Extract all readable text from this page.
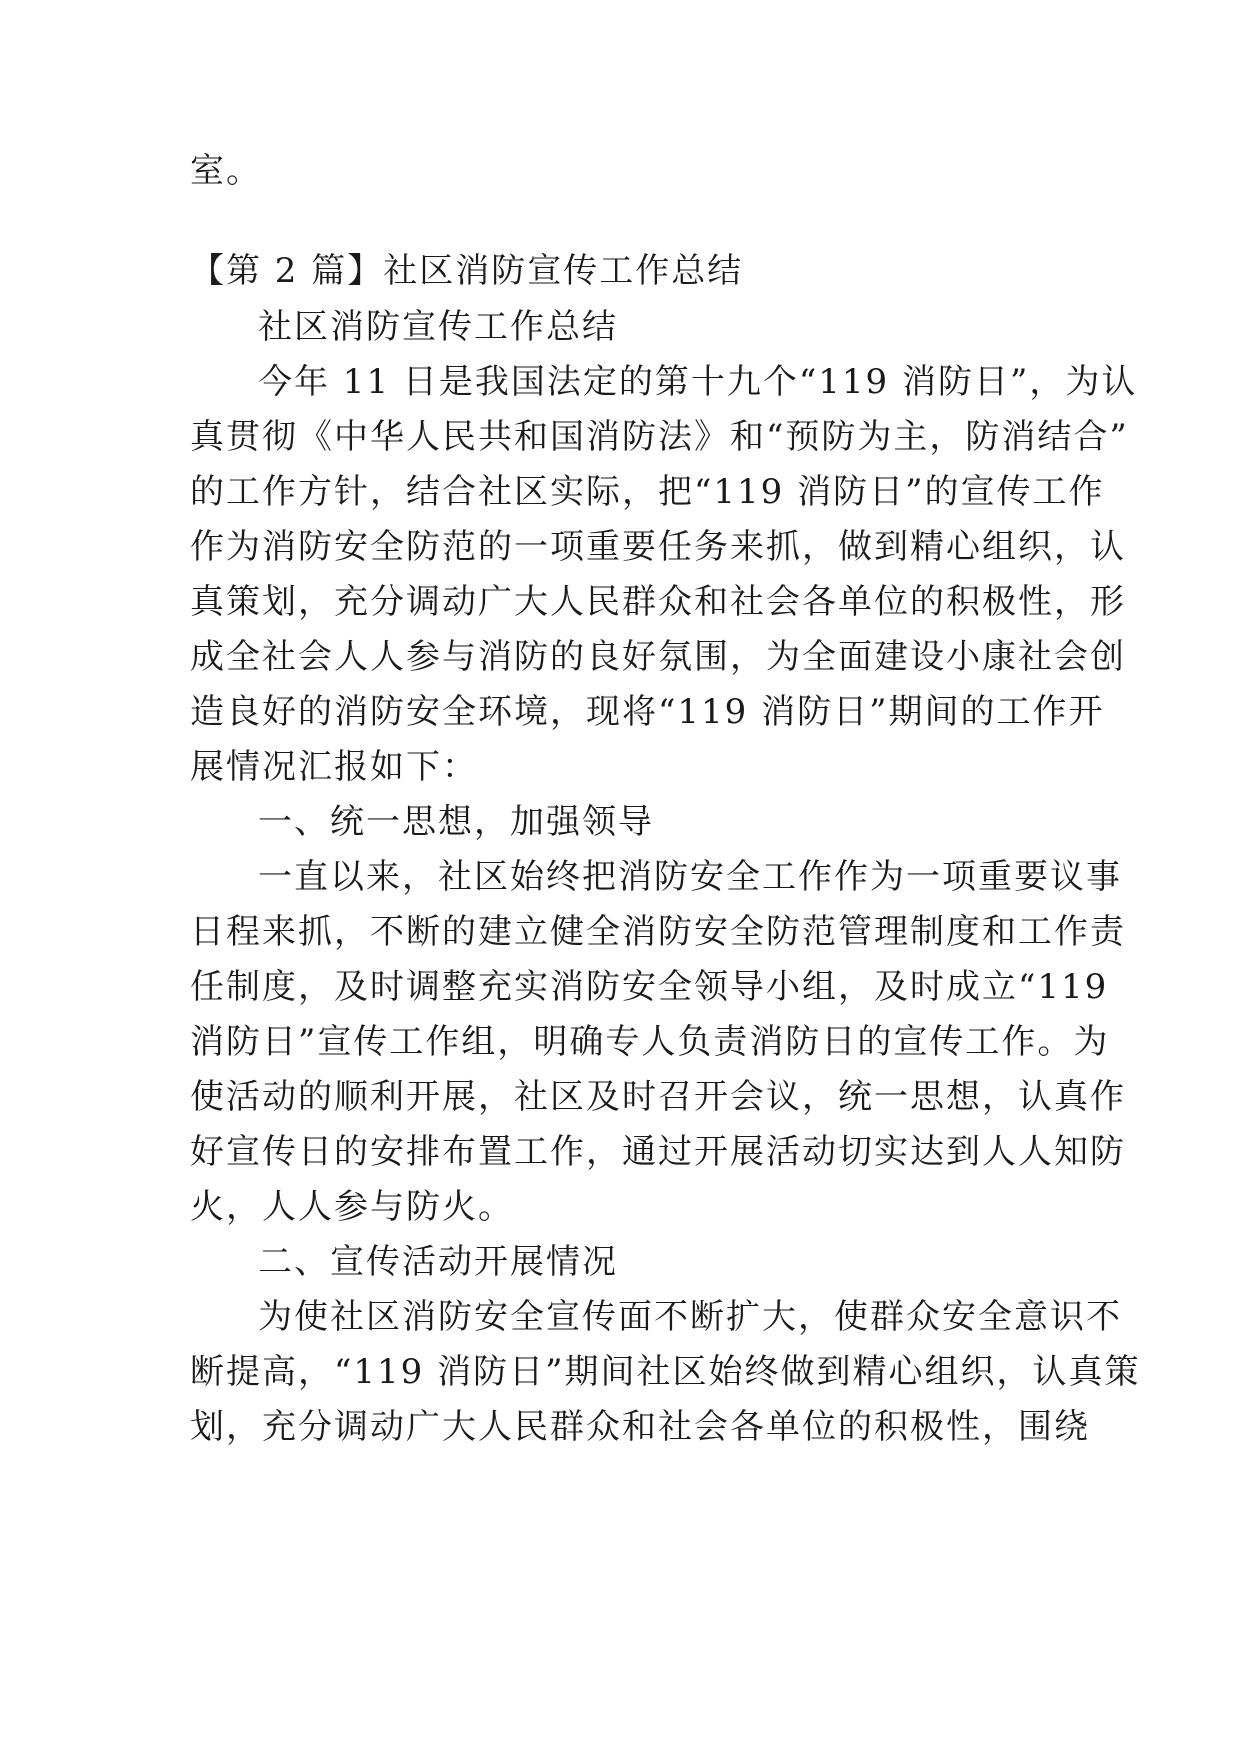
室。
【第 2 篇】社区消防宣传工作总结
社区消防宣传工作总结
今年 11 日是我国法定的第十九个“119 消防日”，为认
真贯彻《中华人民共和国消防法》和“预防为主，防消结合”
的工作方针，结合社区实际，把“119 消防日”的宣传工作
作为消防安全防范的一项重要任务来抓，做到精心组织，认
真策划，充分调动广大人民群众和社会各单位的积极性，形
成全社会人人参与消防的良好氛围，为全面建设小康社会创
造良好的消防安全环境，现将“119 消防日”期间的工作开
展情况汇报如下：
一、统一思想，加强领导
一直以来，社区始终把消防安全工作作为一项重要议事
日程来抓，不断的建立健全消防安全防范管理制度和工作责
任制度，及时调整充实消防安全领导小组，及时成立“119
消防日”宣传工作组，明确专人负责消防日的宣传工作。为
使活动的顺利开展，社区及时召开会议，统一思想，认真作
好宣传日的安排布置工作，通过开展活动切实达到人人知防
火，人人参与防火。
二、宣传活动开展情况
为使社区消防安全宣传面不断扩大，使群众安全意识不
断提高，“119 消防日”期间社区始终做到精心组织，认真策
划，充分调动广大人民群众和社会各单位的积极性，围绕
